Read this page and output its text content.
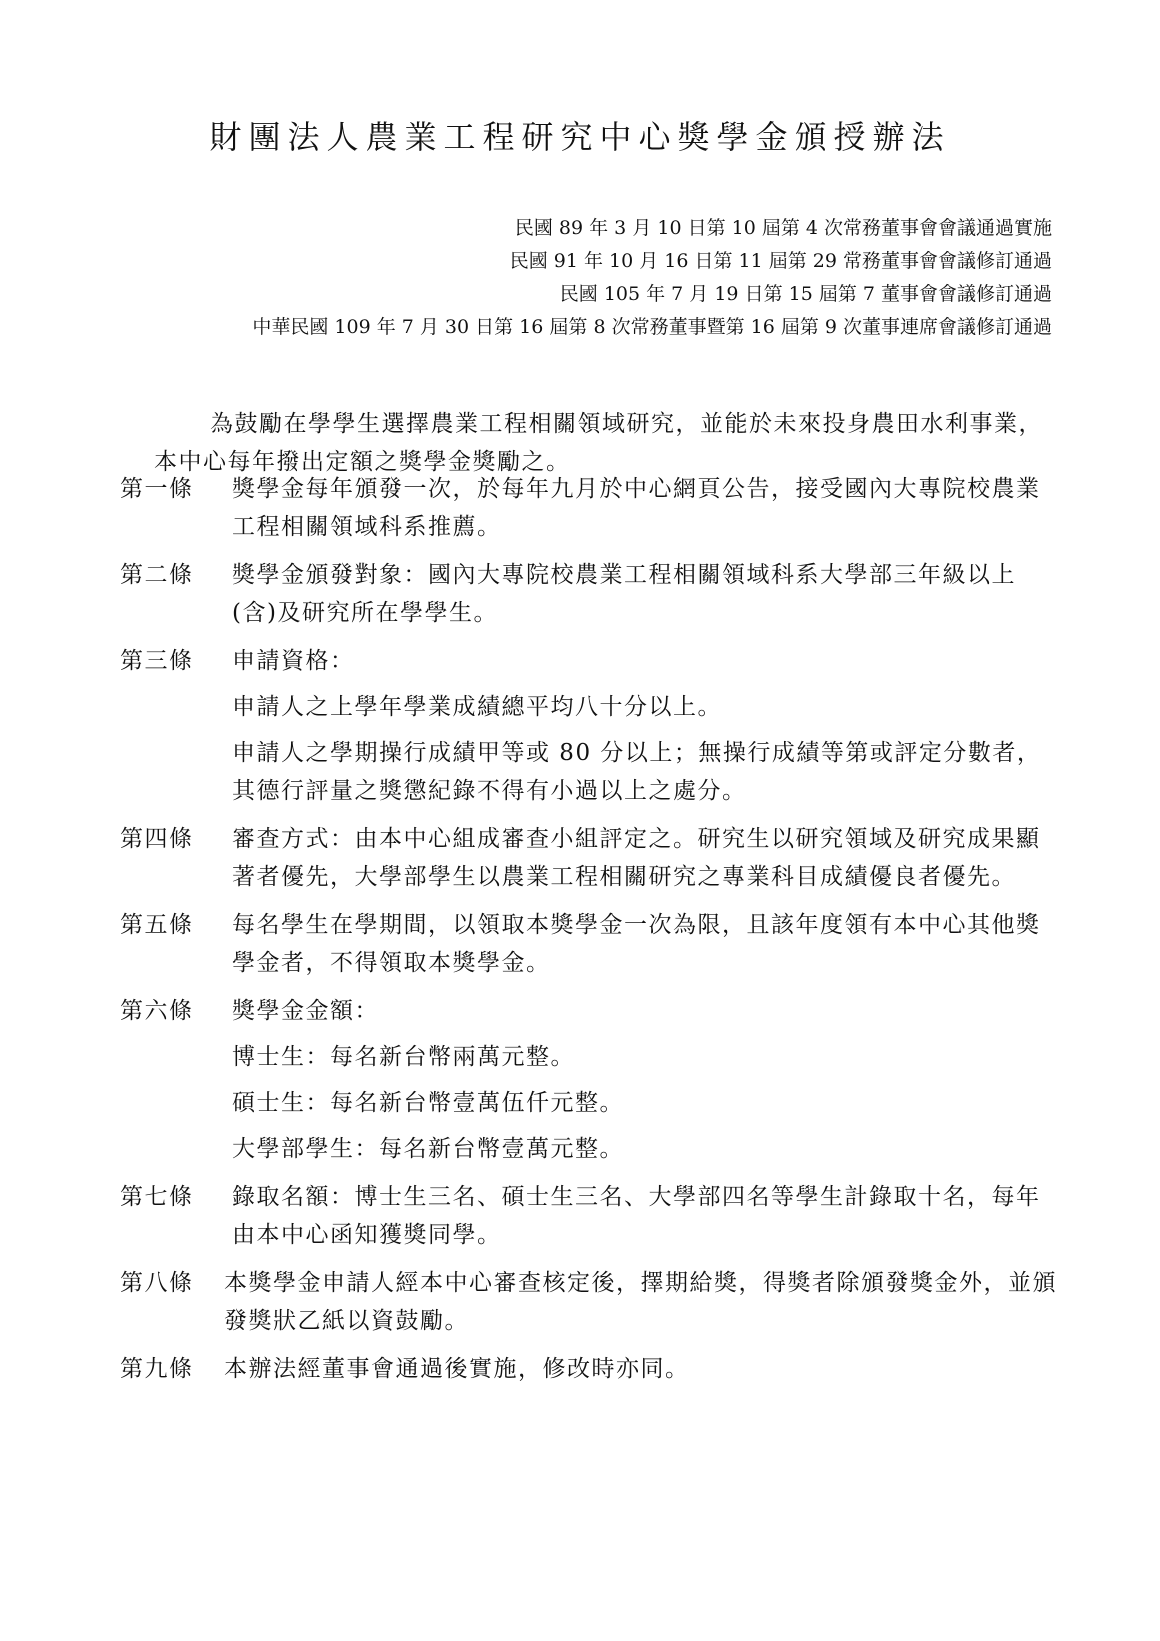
財團法人農業工程研究中心獎學金頒授辦法
民國 89 年 3 月 10 日第 10 屆第 4 次常務董事會會議通過實施
民國 91 年 10 月 16 日第 11 屆第 29 常務董事會會議修訂通過
民國 105 年 7 月 19 日第 15 屆第 7 董事會會議修訂通過
中華民國 109 年 7 月 30 日第 16 屆第 8 次常務董事暨第 16 屆第 9 次董事連席會議修訂通過
為鼓勵在學學生選擇農業工程相關領域研究，並能於未來投身農田水利事業，本中心每年撥出定額之獎學金獎勵之。
第一條 獎學金每年頒發一次，於每年九月於中心網頁公告，接受國內大專院校農業工程相關領域科系推薦。
第二條 獎學金頒發對象：國內大專院校農業工程相關領域科系大學部三年級以上(含)及研究所在學學生。
第三條 申請資格：
申請人之上學年學業成績總平均八十分以上。
申請人之學期操行成績甲等或 80 分以上；無操行成績等第或評定分數者，其德行評量之獎懲紀錄不得有小過以上之處分。
第四條 審查方式：由本中心組成審查小組評定之。研究生以研究領域及研究成果顯著者優先，大學部學生以農業工程相關研究之專業科目成績優良者優先。
第五條 每名學生在學期間，以領取本獎學金一次為限，且該年度領有本中心其他獎學金者，不得領取本獎學金。
第六條 獎學金金額：
博士生：每名新台幣兩萬元整。
碩士生：每名新台幣壹萬伍仟元整。
大學部學生：每名新台幣壹萬元整。
第七條 錄取名額：博士生三名、碩士生三名、大學部四名等學生計錄取十名，每年由本中心函知獲獎同學。
第八條 本獎學金申請人經本中心審查核定後，擇期給獎，得獎者除頒發獎金外，並頒發獎狀乙紙以資鼓勵。
第九條 本辦法經董事會通過後實施，修改時亦同。
